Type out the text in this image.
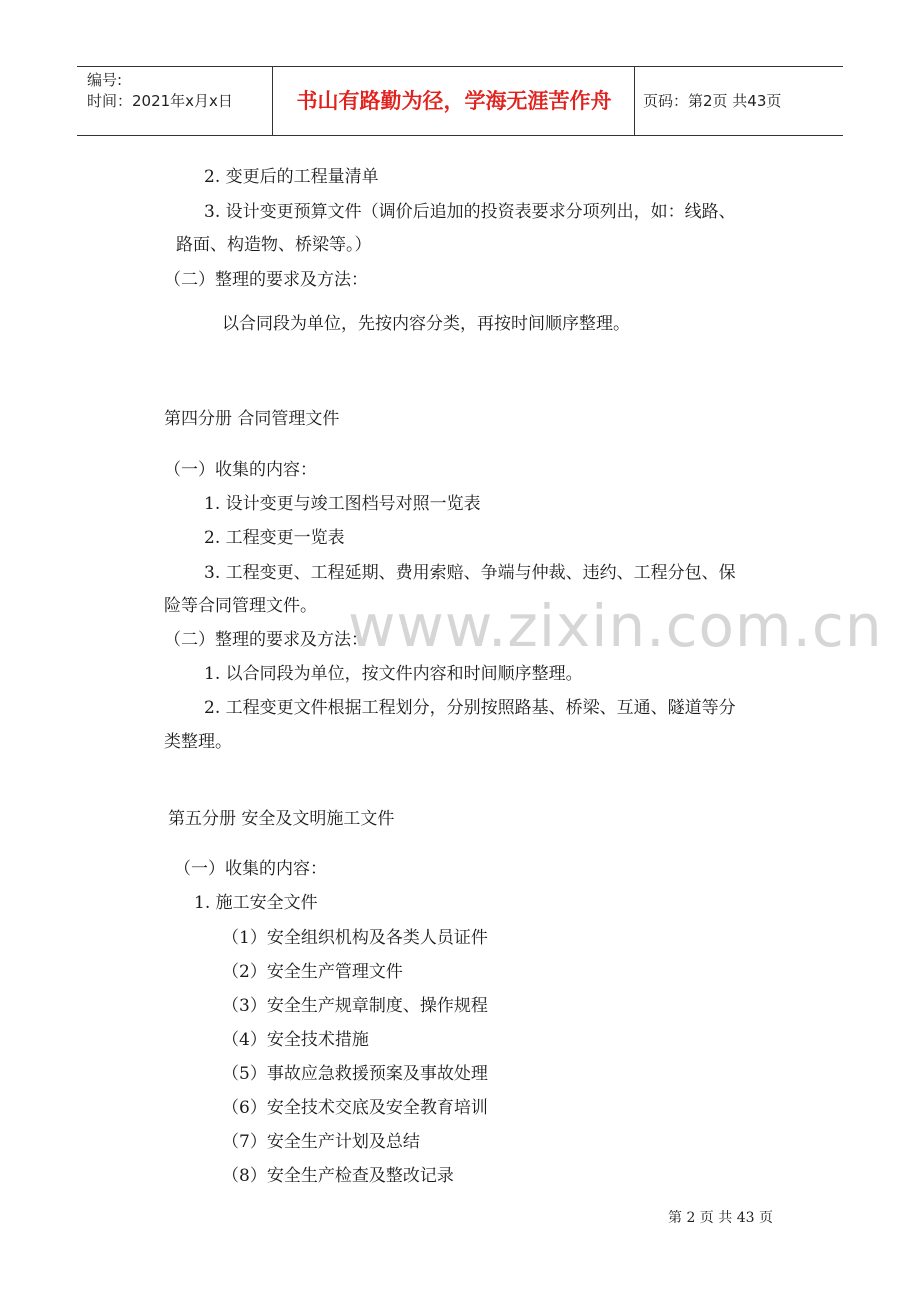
编号:
时间：2021年x月x日	书山有路勤为径，学海无涯苦作舟	页码：第2页 共43页
www.zixin.com.cn
2. 变更后的工程量清单
3. 设计变更预算文件（调价后追加的投资表要求分项列出，如：线路、
路面、构造物、桥梁等。）
（二）整理的要求及方法：
以合同段为单位，先按内容分类，再按时间顺序整理。
第四分册 合同管理文件
（一）收集的内容：
1. 设计变更与竣工图档号对照一览表
2. 工程变更一览表
3. 工程变更、工程延期、费用索赔、争端与仲裁、违约、工程分包、保
险等合同管理文件。
（二）整理的要求及方法：
1. 以合同段为单位，按文件内容和时间顺序整理。
2. 工程变更文件根据工程划分，分别按照路基、桥梁、互通、隧道等分
类整理。
第五分册 安全及文明施工文件
（一）收集的内容：
1. 施工安全文件
（1）安全组织机构及各类人员证件
（2）安全生产管理文件
（3）安全生产规章制度、操作规程
（4）安全技术措施
（5）事故应急救援预案及事故处理
（6）安全技术交底及安全教育培训
（7）安全生产计划及总结
（8）安全生产检查及整改记录
第 2 页 共 43 页
